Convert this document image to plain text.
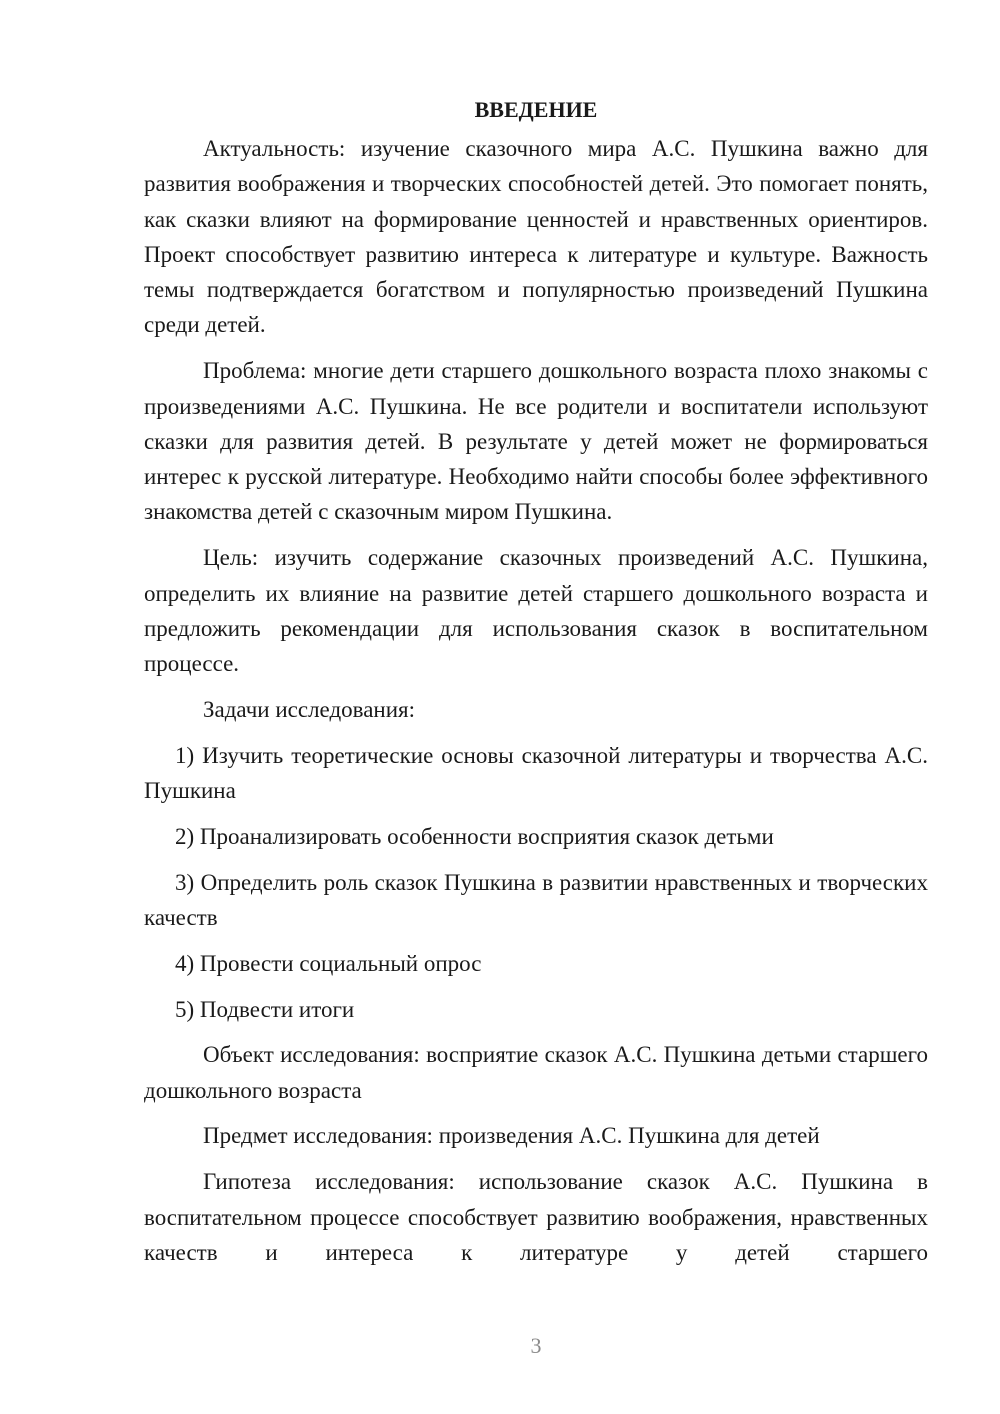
ВВЕДЕНИЕ

Актуальность: изучение сказочного мира А.С. Пушкина важно для развития воображения и творческих способностей детей. Это помогает понять, как сказки влияют на формирование ценностей и нравственных ориентиров. Проект способствует развитию интереса к литературе и культуре. Важность темы подтверждается богатством и популярностью произведений Пушкина среди детей.

Проблема: многие дети старшего дошкольного возраста плохо знакомы с произведениями А.С. Пушкина. Не все родители и воспитатели используют сказки для развития детей. В результате у детей может не формироваться интерес к русской литературе. Необходимо найти способы более эффективного знакомства детей с сказочным миром Пушкина.

Цель: изучить содержание сказочных произведений А.С. Пушкина, определить их влияние на развитие детей старшего дошкольного возраста и предложить рекомендации для использования сказок в воспитательном процессе.

Задачи исследования:

1) Изучить теоретические основы сказочной литературы и творчества А.С. Пушкина

2) Проанализировать особенности восприятия сказок детьми

3) Определить роль сказок Пушкина в развитии нравственных и творческих качеств

4) Провести социальный опрос

5) Подвести итоги

Объект исследования: восприятие сказок А.С. Пушкина детьми старшего дошкольного возраста

Предмет исследования: произведения А.С. Пушкина для детей

Гипотеза исследования: использование сказок А.С. Пушкина в воспитательном процессе способствует развитию воображения, нравственных качеств и интереса к литературе у детей старшего

3
